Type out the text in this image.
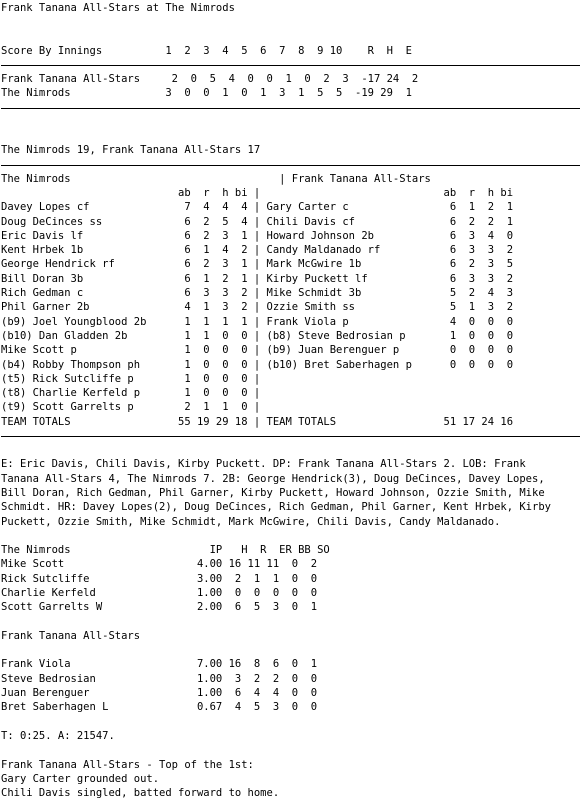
Frank Tanana All-Stars at The Nimrods
Score By Innings          1  2  3  4  5  6  7  8  9 10    R  H  E
Frank Tanana All-Stars     2  0  5  4  0  0  1  0  2  3  -17 24  2
The Nimrods               3  0  0  1  0  1  3  1  5  5  -19 29  1
The Nimrods 19, Frank Tanana All-Stars 17
The Nimrods                                 | Frank Tanana All-Stars
ab  r  h bi |                             ab  r  h bi
Davey Lopes cf               7  4  4  4 | Gary Carter c                6  1  2  1
Doug DeCinces ss             6  2  5  4 | Chili Davis cf               6  2  2  1
Eric Davis lf                6  2  3  1 | Howard Johnson 2b            6  3  4  0
Kent Hrbek 1b                6  1  4  2 | Candy Maldanado rf           6  3  3  2
George Hendrick rf           6  2  3  1 | Mark McGwire 1b              6  2  3  5
Bill Doran 3b                6  1  2  1 | Kirby Puckett lf             6  3  3  2
Rich Gedman c                6  3  3  2 | Mike Schmidt 3b              5  2  4  3
Phil Garner 2b               4  1  3  2 | Ozzie Smith ss               5  1  3  2
(b9) Joel Youngblood 2b      1  1  1  1 | Frank Viola p                4  0  0  0
(b10) Dan Gladden 2b         1  1  0  0 | (b8) Steve Bedrosian p       1  0  0  0
Mike Scott p                 1  0  0  0 | (b9) Juan Berenguer p        0  0  0  0
(b4) Robby Thompson ph       1  0  0  0 | (b10) Bret Saberhagen p      0  0  0  0
(t5) Rick Sutcliffe p        1  0  0  0 |
(t8) Charlie Kerfeld p       1  0  0  0 |
(t9) Scott Garrelts p        2  1  1  0 |
TEAM TOTALS                 55 19 29 18 | TEAM TOTALS                 51 17 24 16
E: Eric Davis, Chili Davis, Kirby Puckett. DP: Frank Tanana All-Stars 2. LOB: Frank Tanana All-Stars 4, The Nimrods 7. 2B: George Hendrick(3), Doug DeCinces, Davey Lopes, Bill Doran, Rich Gedman, Phil Garner, Kirby Puckett, Howard Johnson, Ozzie Smith, Mike Schmidt. HR: Davey Lopes(2), Doug DeCinces, Rich Gedman, Phil Garner, Kent Hrbek, Kirby Puckett, Ozzie Smith, Mike Schmidt, Mark McGwire, Chili Davis, Candy Maldanado.
The Nimrods                      IP   H  R  ER BB SO
Mike Scott                     4.00 16 11 11  0  2
Rick Sutcliffe                 3.00  2  1  1  0  0
Charlie Kerfeld                1.00  0  0  0  0  0
Scott Garrelts W               2.00  6  5  3  0  1
Frank Tanana All-Stars
Frank Viola                    7.00 16  8  6  0  1
Steve Bedrosian                1.00  3  2  2  0  0
Juan Berenguer                 1.00  6  4  4  0  0
Bret Saberhagen L              0.67  4  5  3  0  0
T: 0:25. A: 21547.
Frank Tanana All-Stars - Top of the 1st:
Gary Carter grounded out.
Chili Davis singled, batted forward to home.
